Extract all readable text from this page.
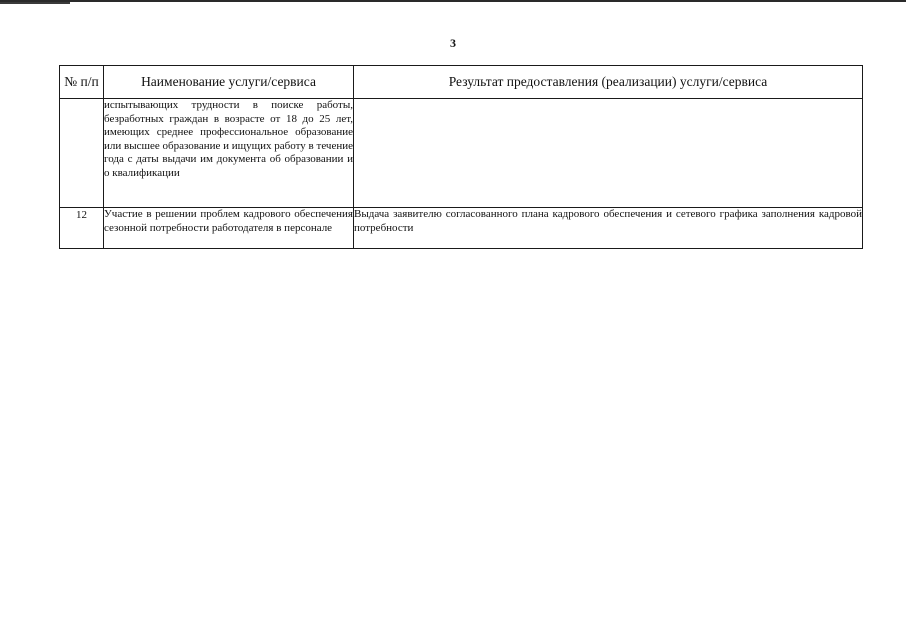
3
№ п/п	Наименование услуги/сервиса	Результат предоставления (реализации) услуги/сервиса
	испытывающих трудности в поиске работы, безработных граждан в возрасте от 18 до 25 лет, имеющих среднее профессиональное образование или высшее образование и ищущих работу в течение года с даты выдачи им документа об образовании и о квалификации	
12	Участие в решении проблем кадрового обеспечения сезонной потребности работодателя в персонале	Выдача заявителю согласованного плана кадрового обеспечения и сетевого графика заполнения кадровой потребности
